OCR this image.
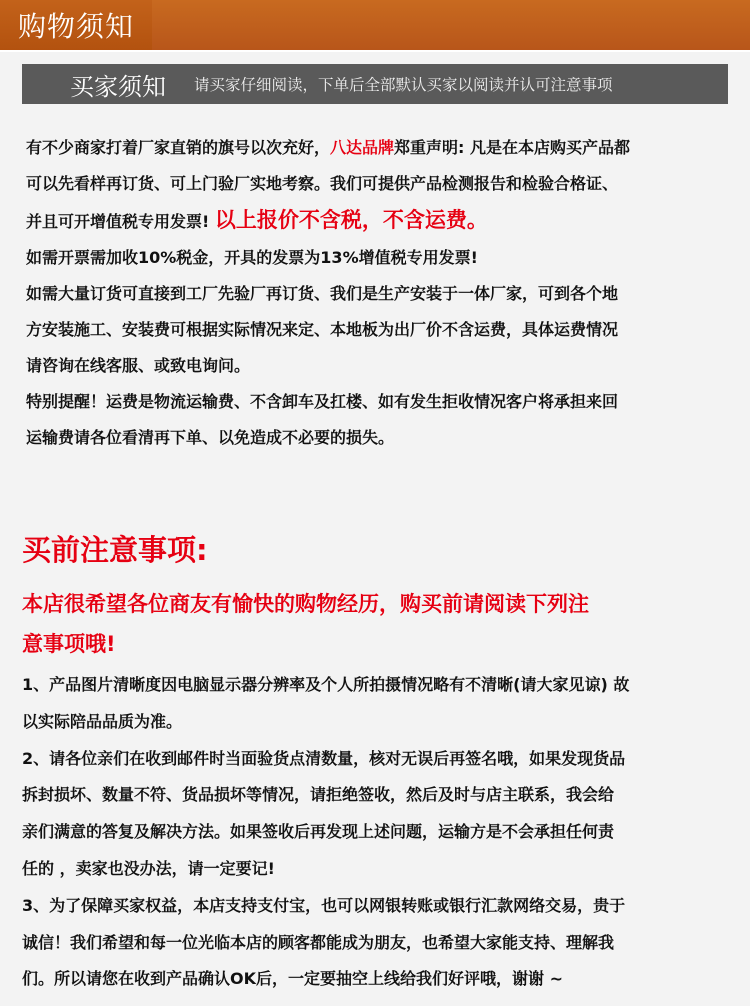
购物须知
买家须知 请买家仔细阅读，下单后全部默认买家以阅读并认可注意事项

有不少商家打着厂家直销的旗号以次充好，八达品牌郑重声明: 凡是在本店购买产品都

可以先看样再订货、可上门验厂实地考察。我们可提供产品检测报告和检验合格证、

并且可开增值税专用发票! 以上报价不含税，不含运费。

如需开票需加收10%税金，开具的发票为13%增值税专用发票!

如需大量订货可直接到工厂先验厂再订货、我们是生产安装于一体厂家，可到各个地

方安装施工、安装费可根据实际情况来定、本地板为出厂价不含运费，具体运费情况

请咨询在线客服、或致电询问。

特别提醒！运费是物流运输费、不含卸车及扛楼、如有发生拒收情况客户将承担来回

运输费请各位看清再下单、以免造成不必要的损失。

买前注意事项:

本店很希望各位商友有愉快的购物经历，购买前请阅读下列注

意事项哦!

1、产品图片清晰度因电脑显示器分辨率及个人所拍摄情况略有不清晰(请大家见谅) 故

以实际陪品品质为准。

2、请各位亲们在收到邮件时当面验货点清数量，核对无误后再签名哦，如果发现货品

拆封损坏、数量不符、货品损坏等情况，请拒绝签收，然后及时与店主联系，我会给

亲们满意的答复及解决方法。如果签收后再发现上述问题，运输方是不会承担任何责

任的 ，卖家也没办法，请一定要记!

3、为了保障买家权益，本店支持支付宝，也可以网银转账或银行汇款网络交易，贵于

诚信！我们希望和每一位光临本店的顾客都能成为朋友，也希望大家能支持、理解我

们。所以请您在收到产品确认OK后，一定要抽空上线给我们好评哦，谢谢 ~
